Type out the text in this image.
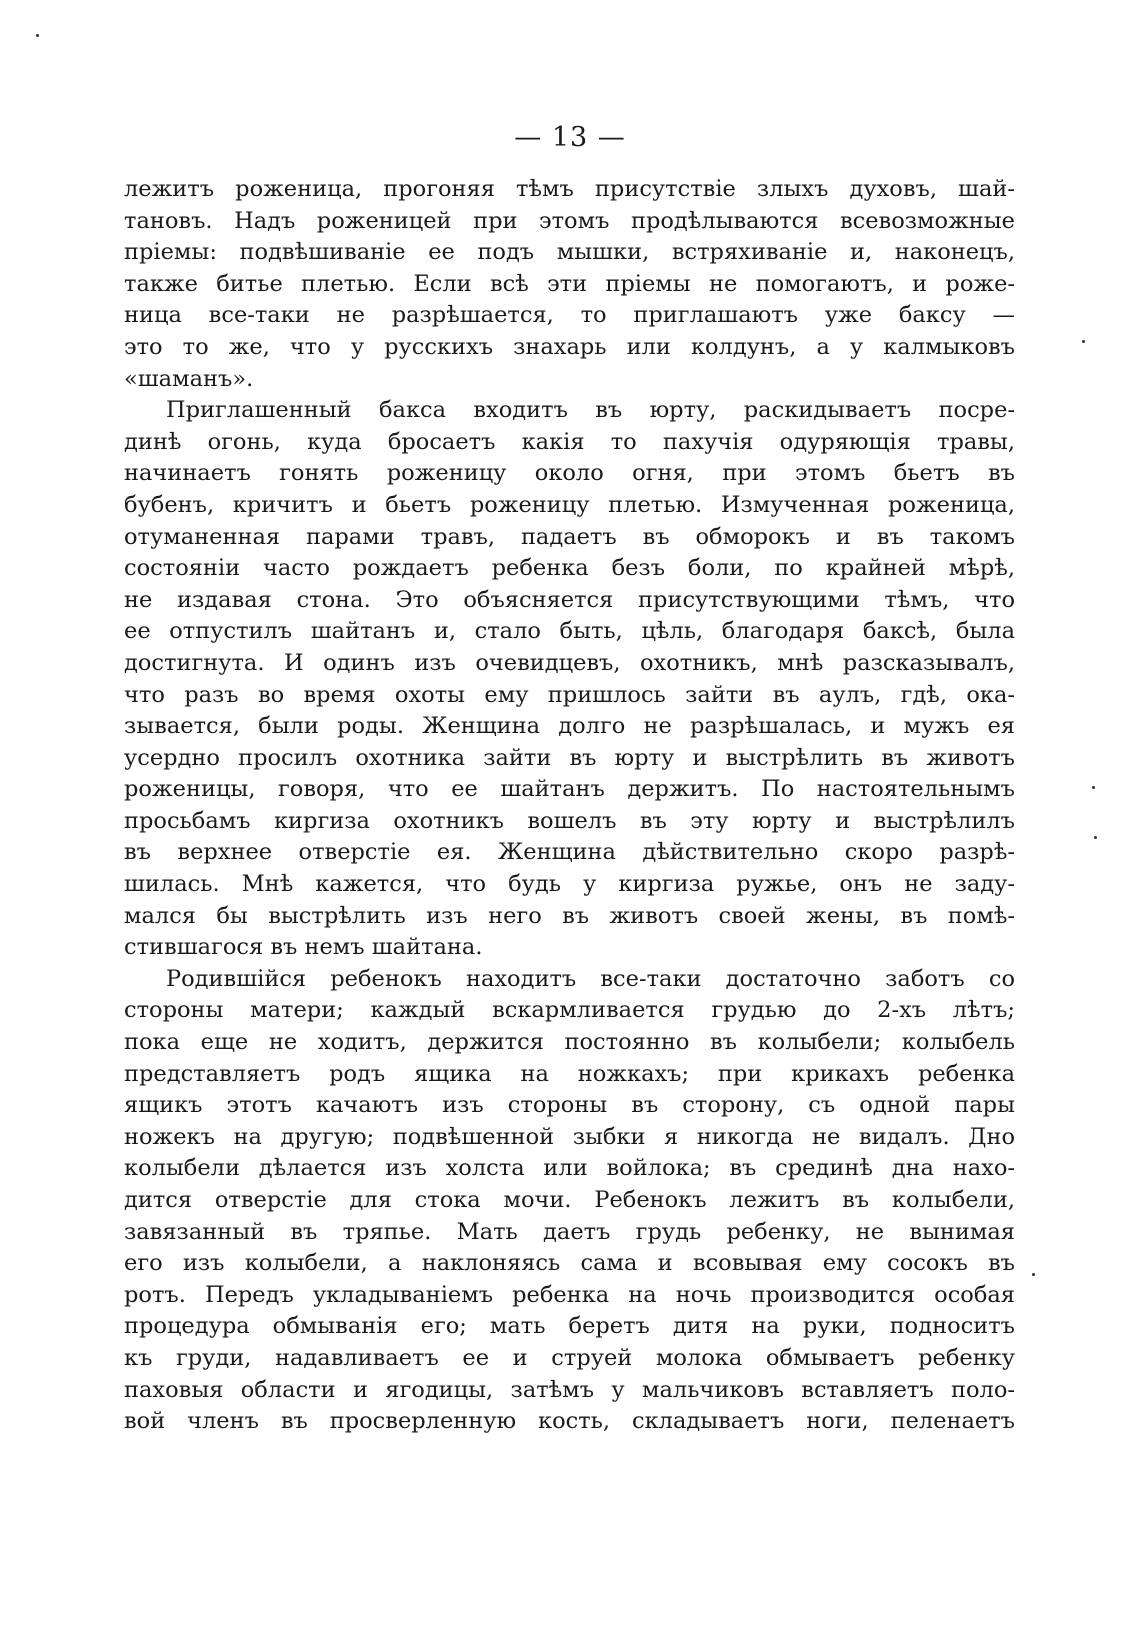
— 13 —
лежитъ роженица, прогоняя тѣмъ присутствіе злыхъ духовъ, шай-
тановъ. Надъ роженицей при этомъ продѣлываются всевозможные
пріемы: подвѣшиваніе ее подъ мышки, встряхиваніе и, наконецъ,
также битье плетью. Если всѣ эти пріемы не помогаютъ, и роже-
ница все-таки не разрѣшается, то приглашаютъ уже баксу —
это то же, что у русскихъ знахарь или колдунъ, а у калмыковъ
«шаманъ».
Приглашенный бакса входитъ въ юрту, раскидываетъ посре-
динѣ огонь, куда бросаетъ какія то пахучія одуряющія травы,
начинаетъ гонять роженицу около огня, при этомъ бьетъ въ
бубенъ, кричитъ и бьетъ роженицу плетью. Измученная роженица,
отуманенная парами травъ, падаетъ въ обморокъ и въ такомъ
состояніи часто рождаетъ ребенка безъ боли, по крайней мѣрѣ,
не издавая стона. Это объясняется присутствующими тѣмъ, что
ее отпустилъ шайтанъ и, стало быть, цѣль, благодаря баксѣ, была
достигнута. И одинъ изъ очевидцевъ, охотникъ, мнѣ разсказывалъ,
что разъ во время охоты ему пришлось зайти въ аулъ, гдѣ, ока-
зывается, были роды. Женщина долго не разрѣшалась, и мужъ ея
усердно просилъ охотника зайти въ юрту и выстрѣлить въ животъ
роженицы, говоря, что ее шайтанъ держитъ. По настоятельнымъ
просьбамъ киргиза охотникъ вошелъ въ эту юрту и выстрѣлилъ
въ верхнее отверстіе ея. Женщина дѣйствительно скоро разрѣ-
шилась. Мнѣ кажется, что будь у киргиза ружье, онъ не заду-
мался бы выстрѣлить изъ него въ животъ своей жены, въ помѣ-
стившагося въ немъ шайтана.
Родившійся ребенокъ находитъ все-таки достаточно заботъ со
стороны матери; каждый вскармливается грудью до 2-хъ лѣтъ;
пока еще не ходитъ, держится постоянно въ колыбели; колыбель
представляетъ родъ ящика на ножкахъ; при крикахъ ребенка
ящикъ этотъ качаютъ изъ стороны въ сторону, съ одной пары
ножекъ на другую; подвѣшенной зыбки я никогда не видалъ. Дно
колыбели дѣлается изъ холста или войлока; въ срединѣ дна нахо-
дится отверстіе для стока мочи. Ребенокъ лежитъ въ колыбели,
завязанный въ тряпье. Мать даетъ грудь ребенку, не вынимая
его изъ колыбели, а наклоняясь сама и всовывая ему сосокъ въ
ротъ. Передъ укладываніемъ ребенка на ночь производится особая
процедура обмыванія его; мать беретъ дитя на руки, подноситъ
къ груди, надавливаетъ ее и струей молока обмываетъ ребенку
паховыя области и ягодицы, затѣмъ у мальчиковъ вставляетъ поло-
вой членъ въ просверленную кость, складываетъ ноги, пеленаетъ
